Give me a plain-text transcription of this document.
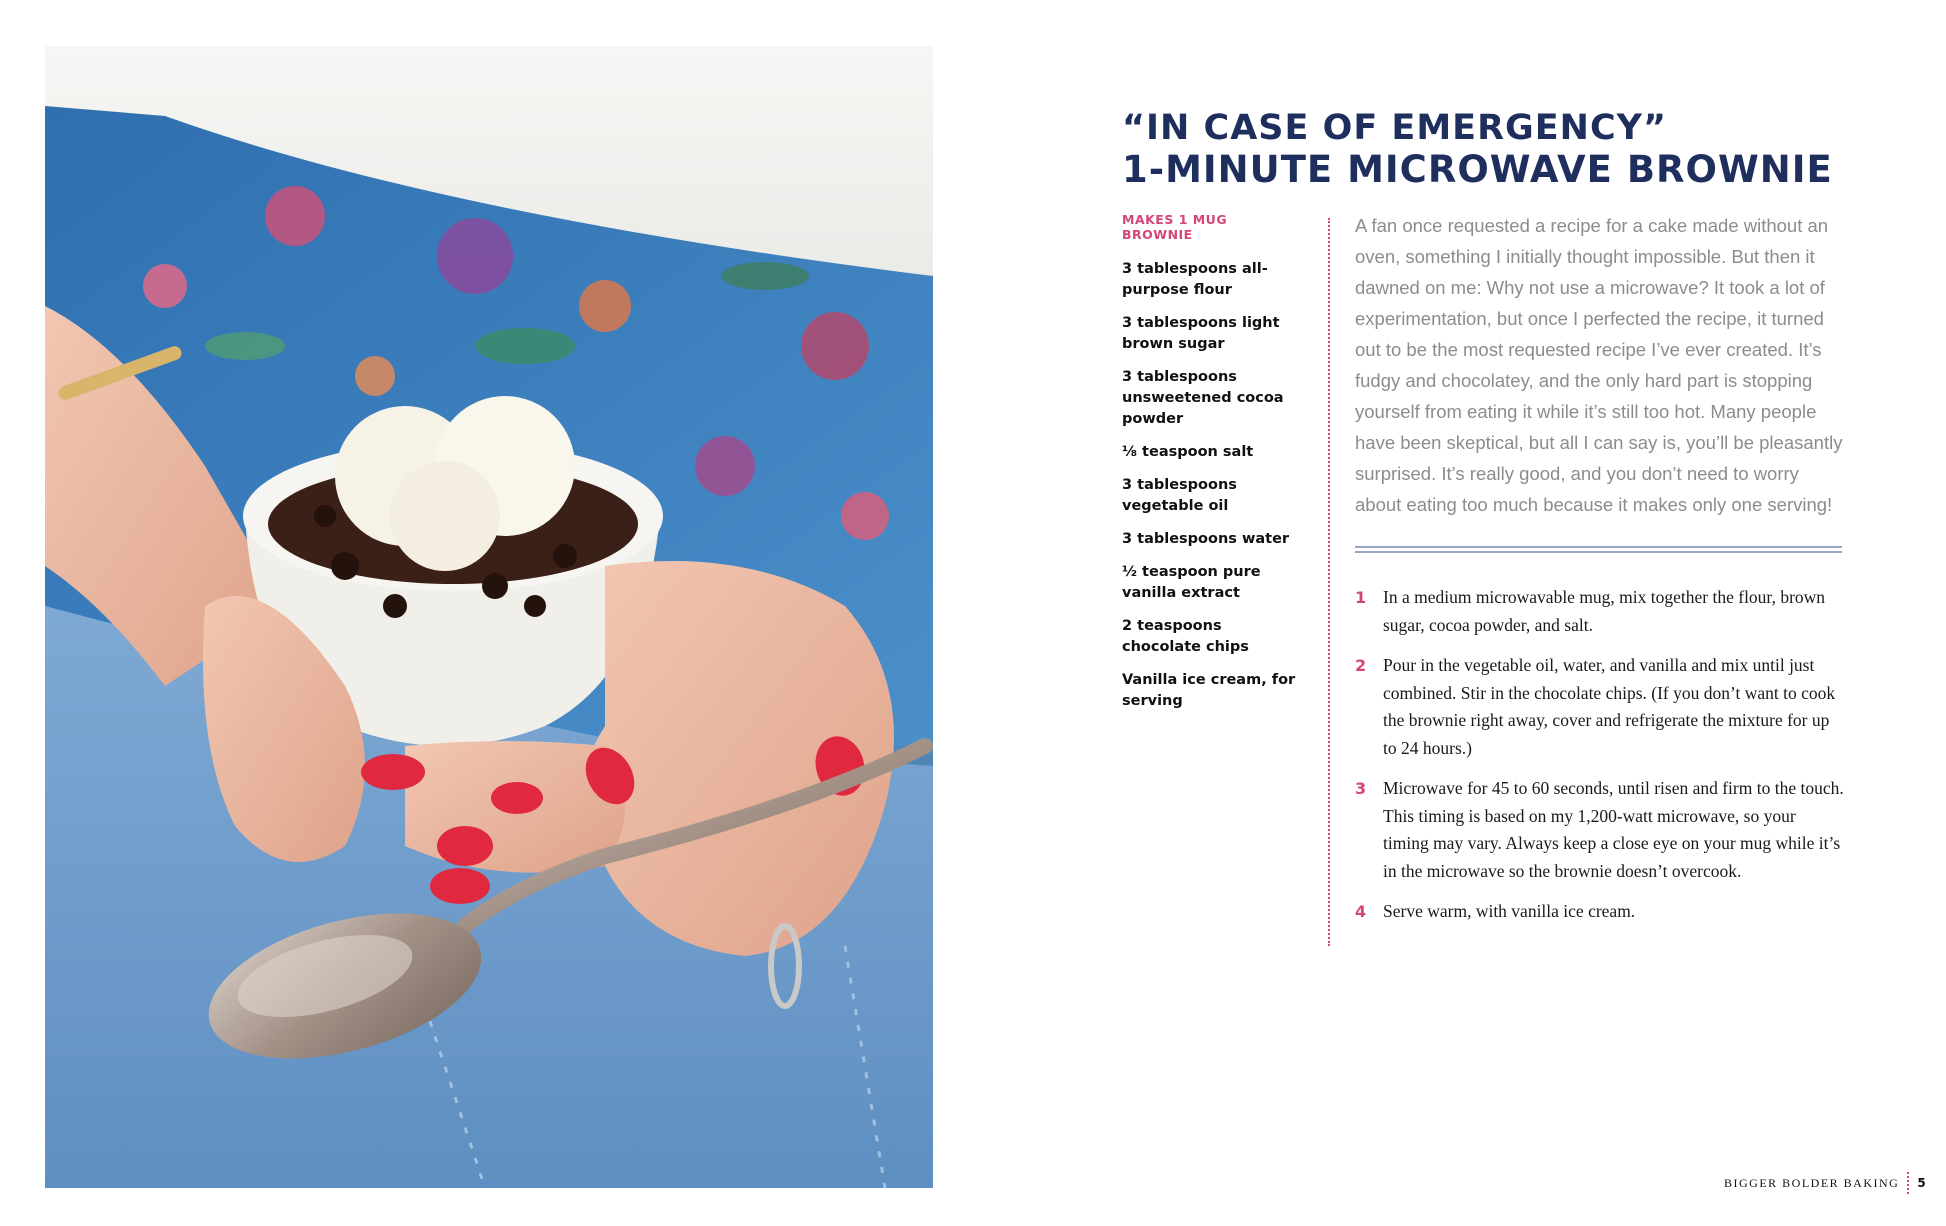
“IN CASE OF EMERGENCY”
1-MINUTE MICROWAVE BROWNIE

MAKES 1 MUG BROWNIE

3 tablespoons all-purpose flour
3 tablespoons light brown sugar
3 tablespoons unsweetened cocoa powder
⅛ teaspoon salt
3 tablespoons vegetable oil
3 tablespoons water
½ teaspoon pure vanilla extract
2 teaspoons chocolate chips
Vanilla ice cream, for serving

A fan once requested a recipe for a cake made without an oven, something I initially thought impossible. But then it dawned on me: Why not use a microwave? It took a lot of experimentation, but once I perfected the recipe, it turned out to be the most requested recipe I’ve ever created. It’s fudgy and chocolatey, and the only hard part is stopping yourself from eating it while it’s still too hot. Many people have been skeptical, but all I can say is, you’ll be pleasantly surprised. It’s really good, and you don’t need to worry about eating too much because it makes only one serving!

1 In a medium microwavable mug, mix together the flour, brown sugar, cocoa powder, and salt.
2 Pour in the vegetable oil, water, and vanilla and mix until just combined. Stir in the chocolate chips. (If you don’t want to cook the brownie right away, cover and refrigerate the mixture for up to 24 hours.)
3 Microwave for 45 to 60 seconds, until risen and firm to the touch. This timing is based on my 1,200-watt microwave, so your timing may vary. Always keep a close eye on your mug while it’s in the microwave so the brownie doesn’t overcook.
4 Serve warm, with vanilla ice cream.
BIGGER BOLDER BAKING 5
